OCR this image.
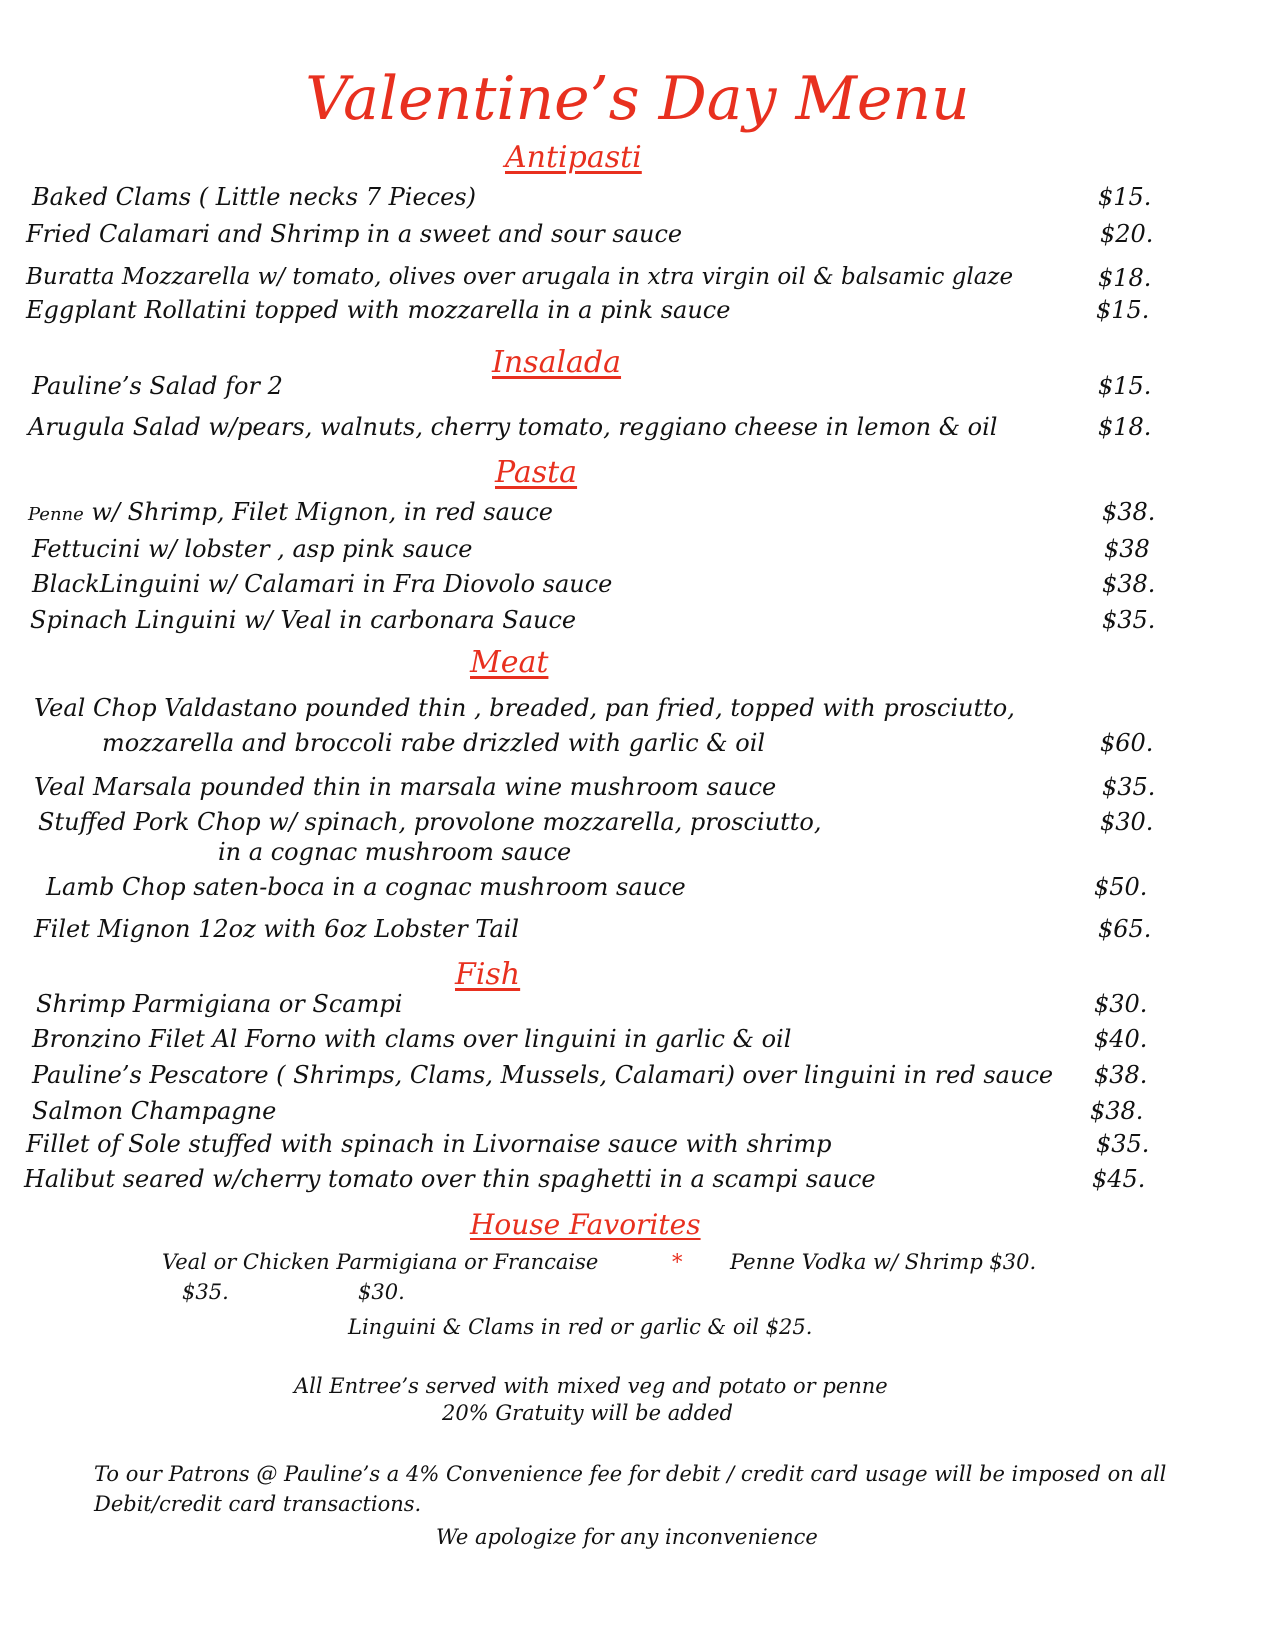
Valentine’s Day Menu
Antipasti
Baked Clams ( Little necks 7 Pieces)	$15.
Fried Calamari and Shrimp in a sweet and sour sauce	$20.
Buratta Mozzarella w/ tomato, olives over arugala in xtra virgin oil & balsamic glaze	$18.
Eggplant Rollatini topped with mozzarella in a pink sauce	$15.
Insalada
Pauline’s Salad for 2	$15.
Arugula Salad w/pears, walnuts, cherry tomato, reggiano cheese in lemon & oil	$18.
Pasta
Penne w/ Shrimp, Filet Mignon, in red sauce	$38.
Fettucini w/ lobster , asp pink sauce	$38
BlackLinguini w/ Calamari in Fra Diovolo sauce	$38.
Spinach Linguini w/ Veal in carbonara Sauce	$35.
Meat
Veal Chop Valdastano pounded thin , breaded, pan fried, topped with prosciutto,
mozzarella and broccoli rabe drizzled with garlic & oil	$60.
Veal Marsala pounded thin in marsala wine mushroom sauce	$35.
Stuffed Pork Chop w/ spinach, provolone mozzarella, prosciutto,	$30.
in a cognac mushroom sauce
Lamb Chop saten-boca in a cognac mushroom sauce	$50.
Filet Mignon 12oz with 6oz Lobster Tail	$65.
Fish
Shrimp Parmigiana or Scampi	$30.
Bronzino Filet Al Forno with clams over linguini in garlic & oil	$40.
Pauline’s Pescatore ( Shrimps, Clams, Mussels, Calamari) over linguini in red sauce $38.
Salmon Champagne	$38.
Fillet of Sole stuffed with spinach in Livornaise sauce with shrimp	$35.
Halibut seared w/cherry tomato over thin spaghetti in a scampi sauce	$45.
House Favorites
Veal or Chicken Parmigiana or Francaise	* Penne Vodka w/ Shrimp $30.
$35.	$30.
Linguini & Clams in red or garlic & oil $25.
All Entree’s served with mixed veg and potato or penne
20% Gratuity will be added
To our Patrons @ Pauline’s a 4% Convenience fee for debit / credit card usage will be imposed on all
Debit/credit card transactions.
We apologize for any inconvenience
